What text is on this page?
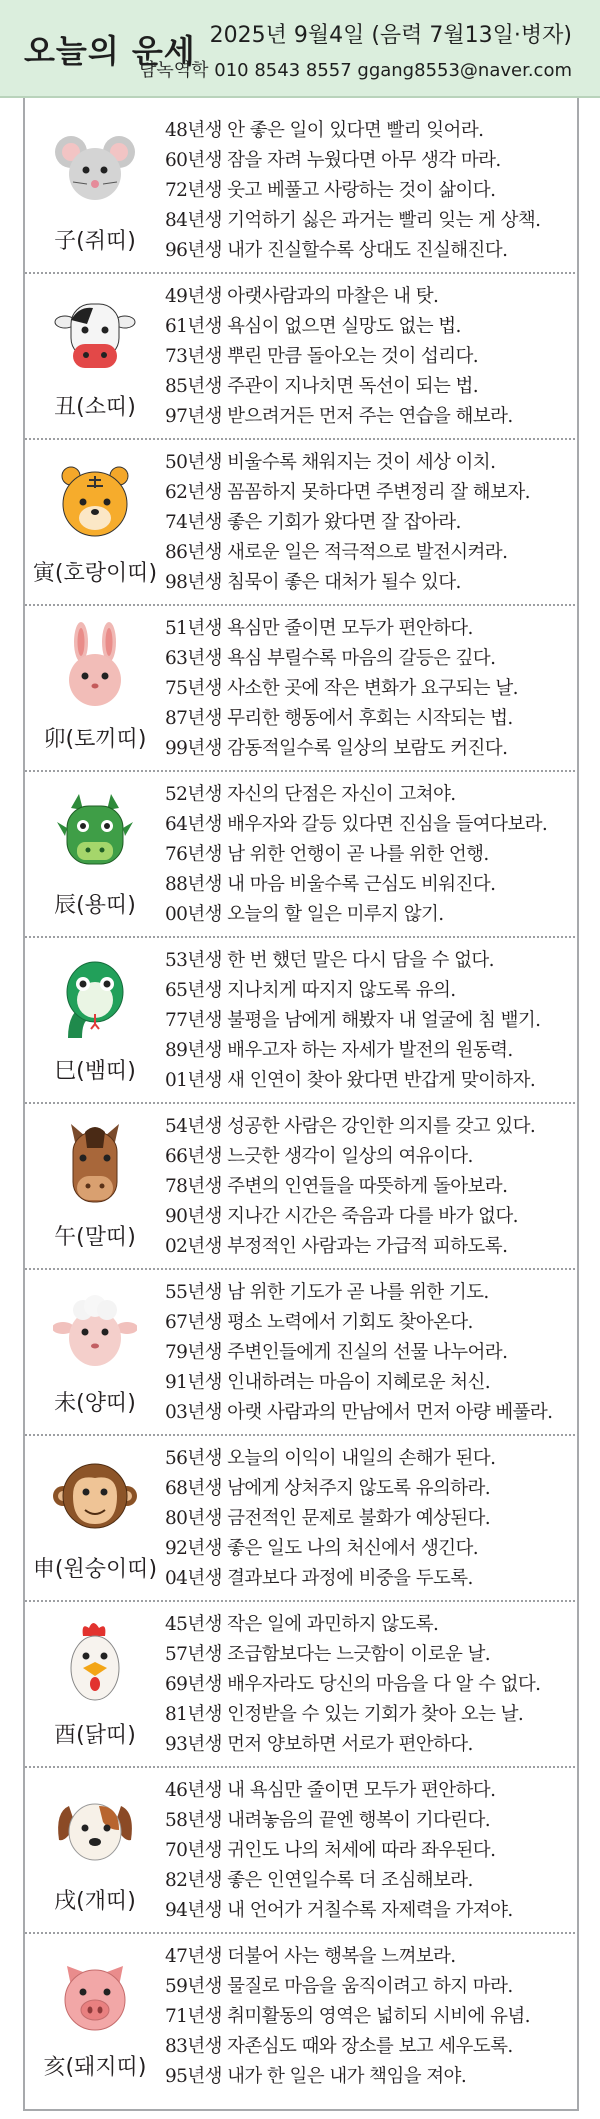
오늘의 운세 2025년 9월4일 (음력 7월13일·병자)
담녹역학 010 8543 8557 ggang8553@naver.com
子(쥐띠)
48년생 안 좋은 일이 있다면 빨리 잊어라.
60년생 잠을 자려 누웠다면 아무 생각 마라.
72년생 웃고 베풀고 사랑하는 것이 삶이다.
84년생 기억하기 싫은 과거는 빨리 잊는 게 상책.
96년생 내가 진실할수록 상대도 진실해진다.
丑(소띠)
49년생 아랫사람과의 마찰은 내 탓.
61년생 욕심이 없으면 실망도 없는 법.
73년생 뿌린 만큼 돌아오는 것이 섭리다.
85년생 주관이 지나치면 독선이 되는 법.
97년생 받으려거든 먼저 주는 연습을 해보라.
寅(호랑이띠)
50년생 비울수록 채워지는 것이 세상 이치.
62년생 꼼꼼하지 못하다면 주변정리 잘 해보자.
74년생 좋은 기회가 왔다면 잘 잡아라.
86년생 새로운 일은 적극적으로 발전시켜라.
98년생 침묵이 좋은 대처가 될수 있다.
卯(토끼띠)
51년생 욕심만 줄이면 모두가 편안하다.
63년생 욕심 부릴수록 마음의 갈등은 깊다.
75년생 사소한 곳에 작은 변화가 요구되는 날.
87년생 무리한 행동에서 후회는 시작되는 법.
99년생 감동적일수록 일상의 보람도 커진다.
辰(용띠)
52년생 자신의 단점은 자신이 고쳐야.
64년생 배우자와 갈등 있다면 진심을 들여다보라.
76년생 남 위한 언행이 곧 나를 위한 언행.
88년생 내 마음 비울수록 근심도 비워진다.
00년생 오늘의 할 일은 미루지 않기.
巳(뱀띠)
53년생 한 번 했던 말은 다시 담을 수 없다.
65년생 지나치게 따지지 않도록 유의.
77년생 불평을 남에게 해봤자 내 얼굴에 침 뱉기.
89년생 배우고자 하는 자세가 발전의 원동력.
01년생 새 인연이 찾아 왔다면 반갑게 맞이하자.
午(말띠)
54년생 성공한 사람은 강인한 의지를 갖고 있다.
66년생 느긋한 생각이 일상의 여유이다.
78년생 주변의 인연들을 따뜻하게 돌아보라.
90년생 지나간 시간은 죽음과 다를 바가 없다.
02년생 부정적인 사람과는 가급적 피하도록.
未(양띠)
55년생 남 위한 기도가 곧 나를 위한 기도.
67년생 평소 노력에서 기회도 찾아온다.
79년생 주변인들에게 진실의 선물 나누어라.
91년생 인내하려는 마음이 지혜로운 처신.
03년생 아랫 사람과의 만남에서 먼저 아량 베풀라.
申(원숭이띠)
56년생 오늘의 이익이 내일의 손해가 된다.
68년생 남에게 상처주지 않도록 유의하라.
80년생 금전적인 문제로 불화가 예상된다.
92년생 좋은 일도 나의 처신에서 생긴다.
04년생 결과보다 과정에 비중을 두도록.
酉(닭띠)
45년생 작은 일에 과민하지 않도록.
57년생 조급함보다는 느긋함이 이로운 날.
69년생 배우자라도 당신의 마음을 다 알 수 없다.
81년생 인정받을 수 있는 기회가 찾아 오는 날.
93년생 먼저 양보하면 서로가 편안하다.
戌(개띠)
46년생 내 욕심만 줄이면 모두가 편안하다.
58년생 내려놓음의 끝엔 행복이 기다린다.
70년생 귀인도 나의 처세에 따라 좌우된다.
82년생 좋은 인연일수록 더 조심해보라.
94년생 내 언어가 거칠수록 자제력을 가져야.
亥(돼지띠)
47년생 더불어 사는 행복을 느껴보라.
59년생 물질로 마음을 움직이려고 하지 마라.
71년생 취미활동의 영역은 넓히되 시비에 유념.
83년생 자존심도 때와 장소를 보고 세우도록.
95년생 내가 한 일은 내가 책임을 져야.
